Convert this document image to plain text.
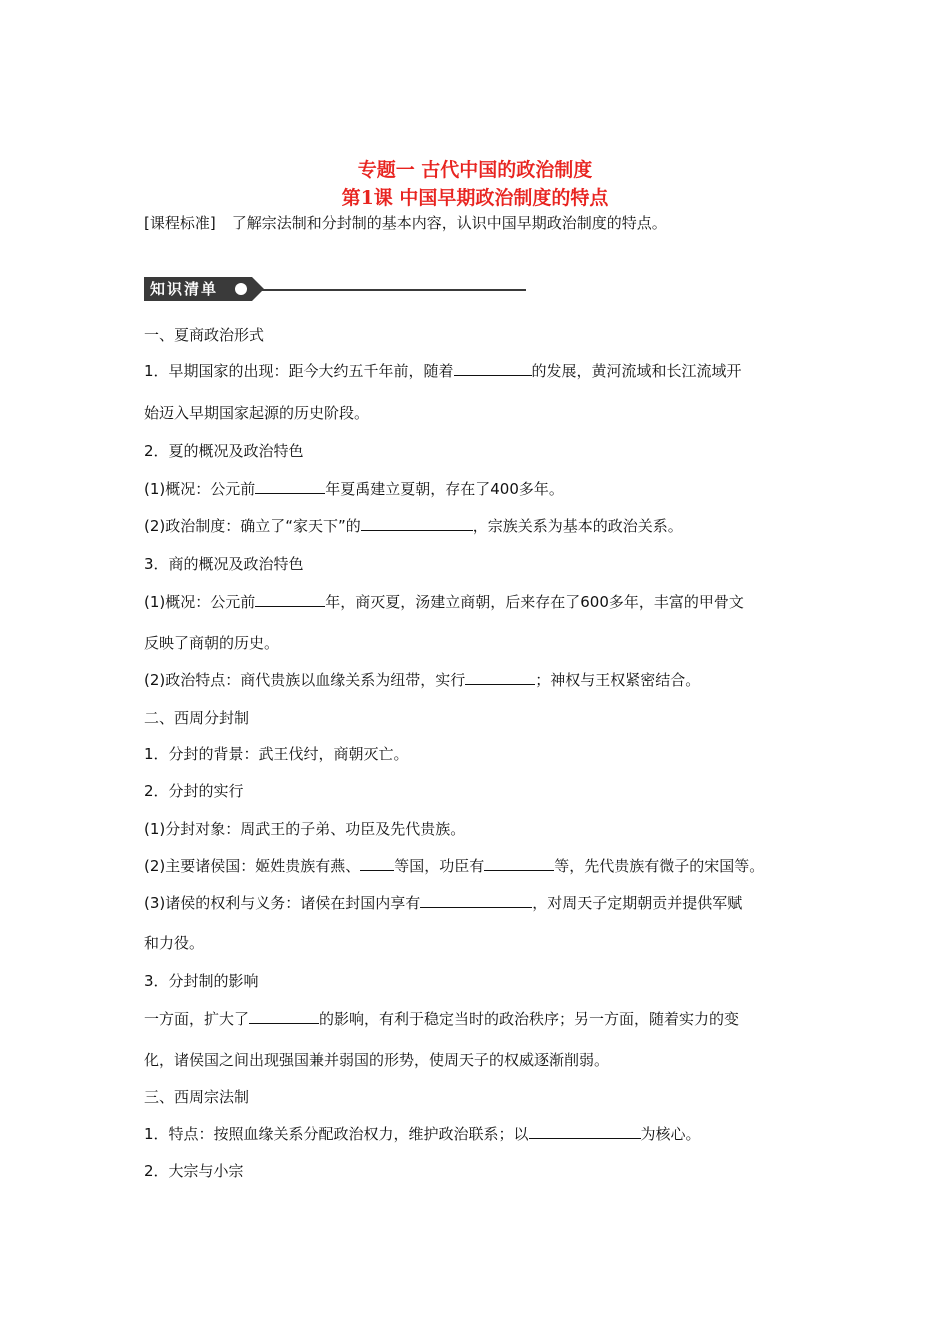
专题一 古代中国的政治制度
第1课 中国早期政治制度的特点

[课程标准] 了解宗法制和分封制的基本内容，认识中国早期政治制度的特点。

知识清单

一、夏商政治形式

1．早期国家的出现：距今大约五千年前，随着	的发展，黄河流域和长江流域开

始迈入早期国家起源的历史阶段。

2．夏的概况及政治特色

(1)概况：公元前	年夏禹建立夏朝，存在了400多年。

(2)政治制度：确立了“家天下”的	，宗族关系为基本的政治关系。

3．商的概况及政治特色

(1)概况：公元前	年，商灭夏，汤建立商朝，后来存在了600多年，丰富的甲骨文

反映了商朝的历史。

(2)政治特点：商代贵族以血缘关系为纽带，实行	；神权与王权紧密结合。

二、西周分封制

1．分封的背景：武王伐纣，商朝灭亡。

2．分封的实行

(1)分封对象：周武王的子弟、功臣及先代贵族。

(2)主要诸侯国：姬姓贵族有燕、 等国，功臣有	等，先代贵族有微子的宋国等。

(3)诸侯的权利与义务：诸侯在封国内享有	，对周天子定期朝贡并提供军赋

和力役。

3．分封制的影响

一方面，扩大了	的影响，有利于稳定当时的政治秩序；另一方面，随着实力的变

化，诸侯国之间出现强国兼并弱国的形势，使周天子的权威逐渐削弱。

三、西周宗法制

1．特点：按照血缘关系分配政治权力，维护政治联系；以	为核心。

2．大宗与小宗
